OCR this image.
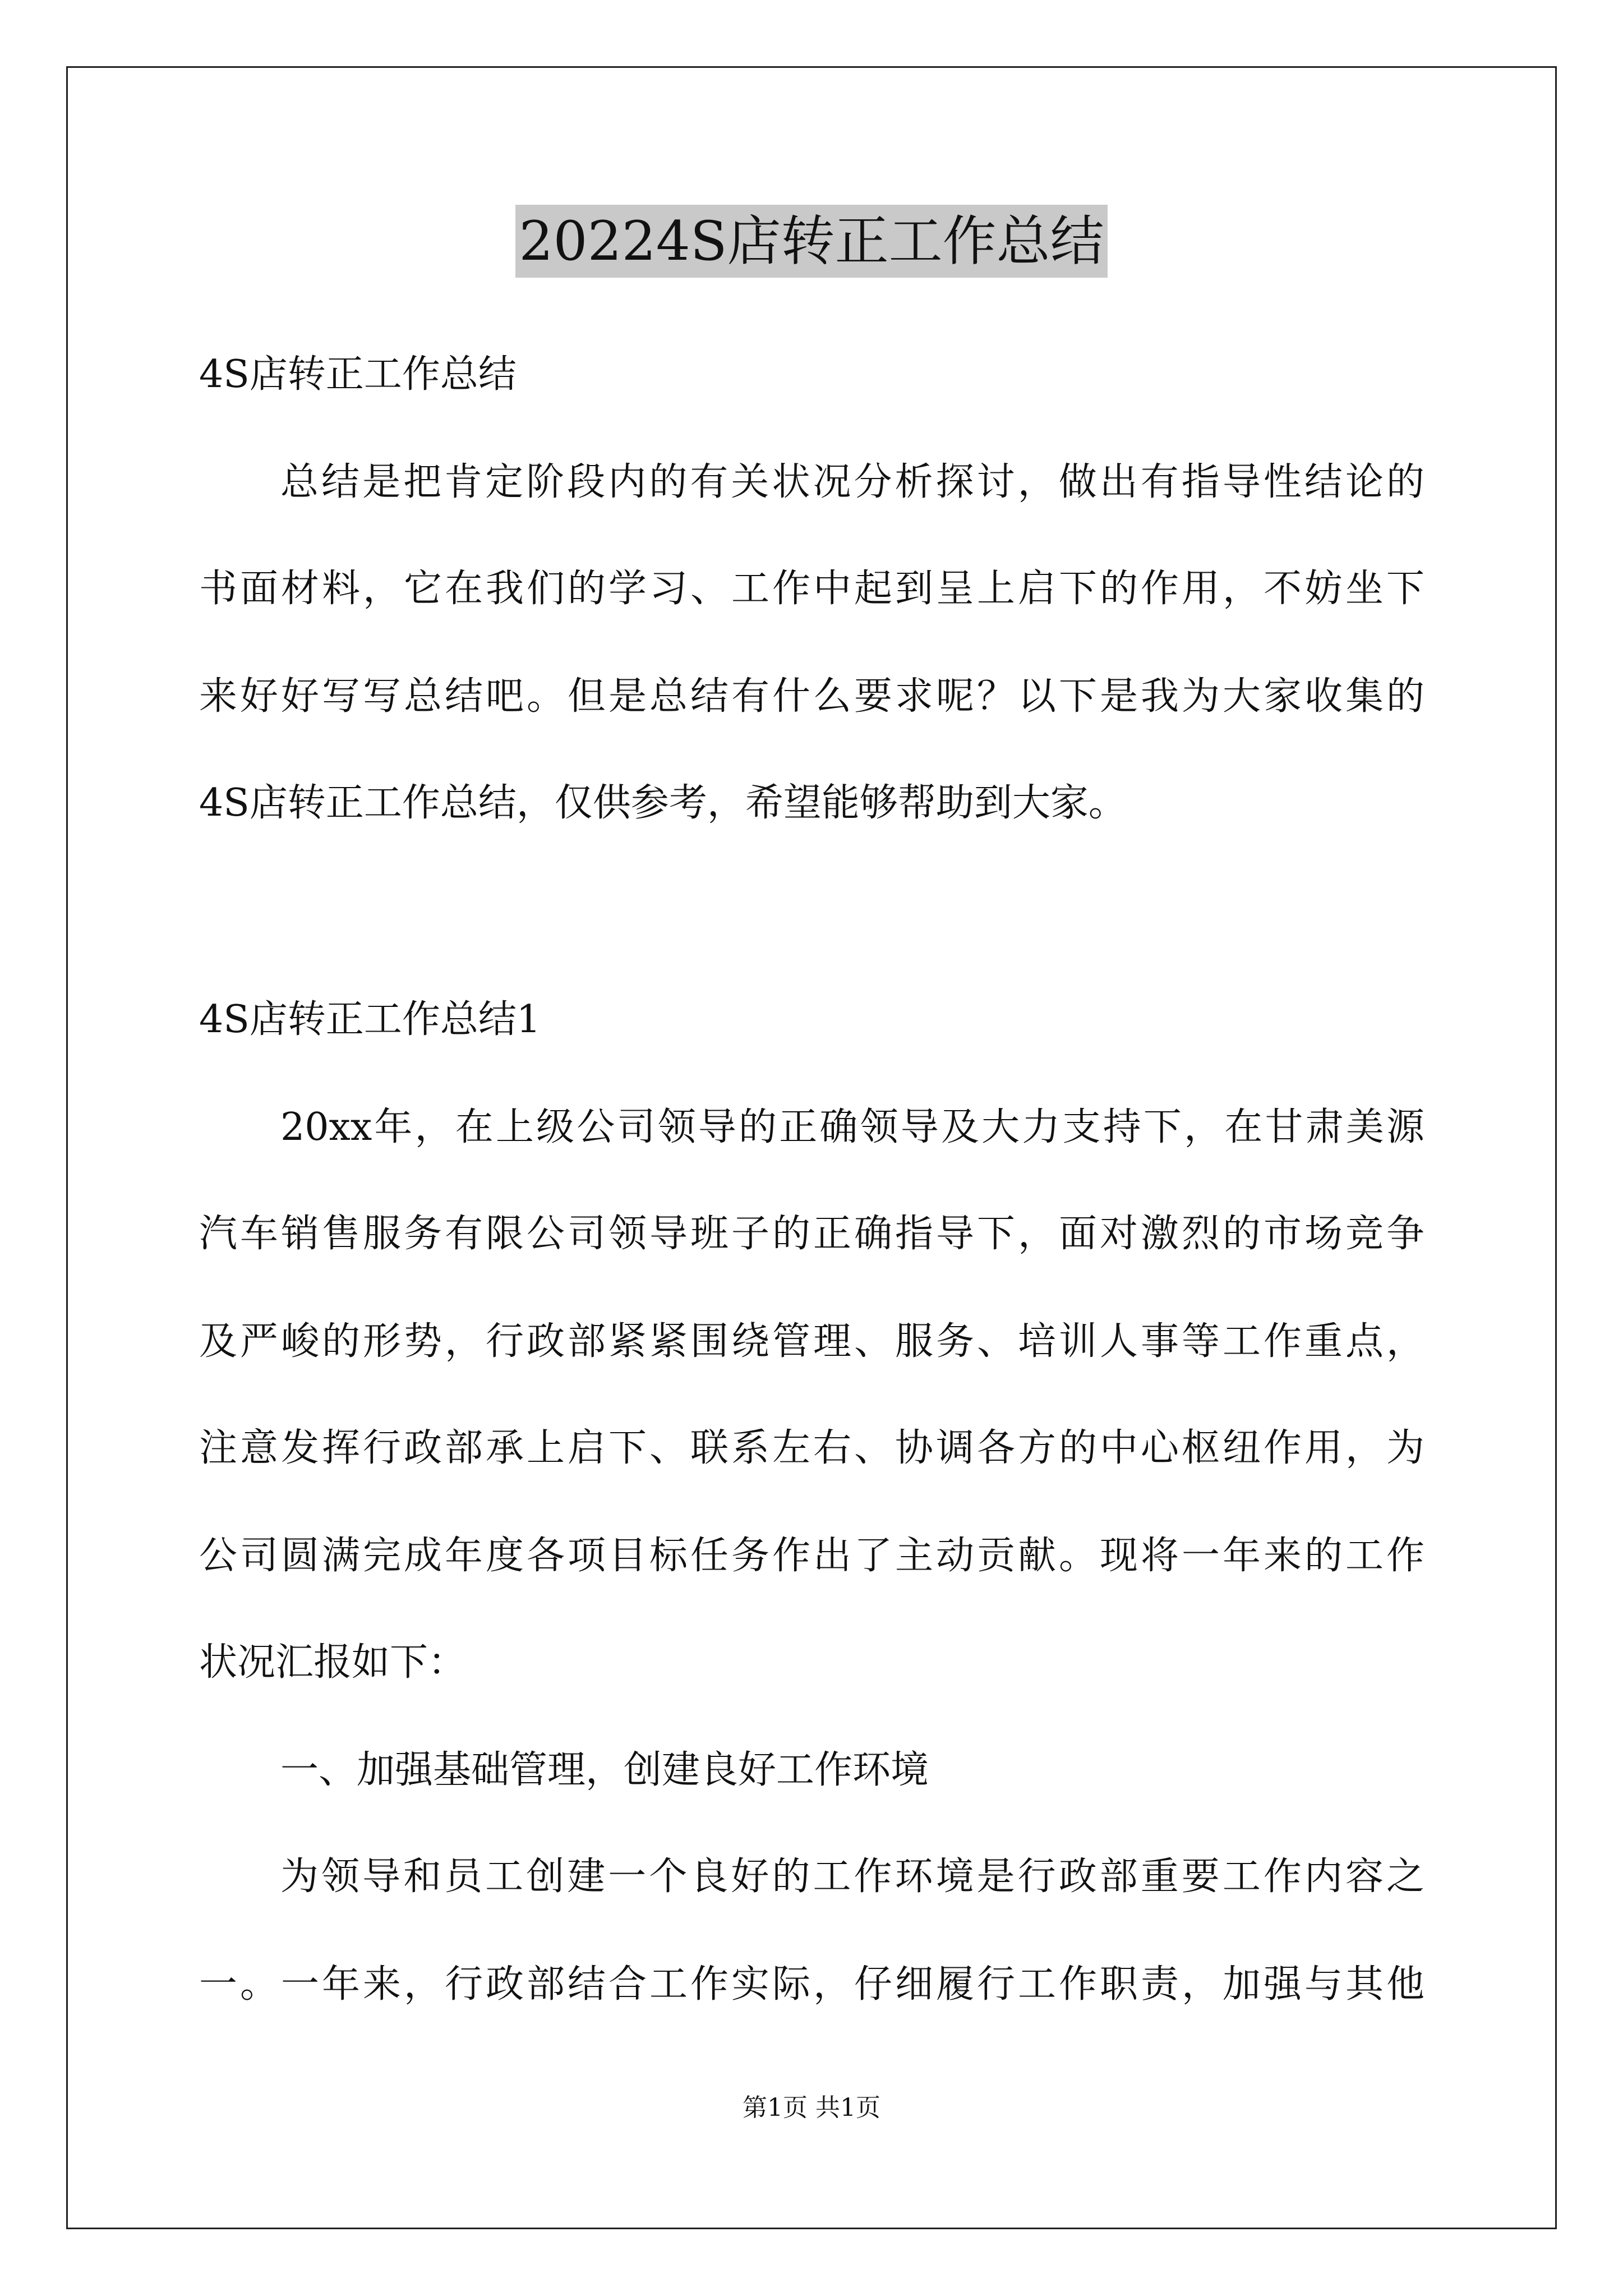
20224S店转正工作总结
4S店转正工作总结
总结是把肯定阶段内的有关状况分析探讨，做出有指导性结论的
书面材料，它在我们的学习、工作中起到呈上启下的作用，不妨坐下
来好好写写总结吧。但是总结有什么要求呢？以下是我为大家收集的
4S店转正工作总结，仅供参考，希望能够帮助到大家。
4S店转正工作总结1
20xx年，在上级公司领导的正确领导及大力支持下，在甘肃美源
汽车销售服务有限公司领导班子的正确指导下，面对激烈的市场竞争
及严峻的形势，行政部紧紧围绕管理、服务、培训人事等工作重点，
注意发挥行政部承上启下、联系左右、协调各方的中心枢纽作用，为
公司圆满完成年度各项目标任务作出了主动贡献。现将一年来的工作
状况汇报如下：
一、加强基础管理，创建良好工作环境
为领导和员工创建一个良好的工作环境是行政部重要工作内容之
一。一年来，行政部结合工作实际，仔细履行工作职责，加强与其他
第1页 共1页
